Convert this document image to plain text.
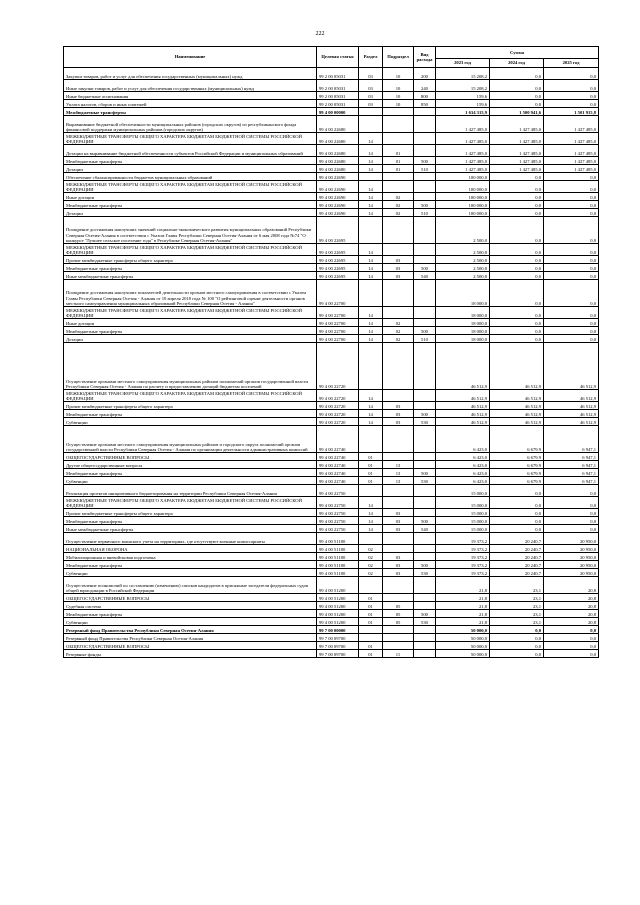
222
Наименование	Целевая статья	Раздел	Подраздел	Вид расхода	Сумма		
					2023 год	2024 год	2025 год
Закупки товаров, работ и услуг для обеспечения государственных (муниципальных) нужд	99 2 00 05031	03	10	200	15 208,2	0,0	0,0
Иные закупки товаров, работ и услуг для обеспечения государственных (муниципальных) нужд	99 2 00 05031	03	10	240	15 208,2	0,0	0,0
Иные бюджетные ассигнования	99 2 00 05031	03	10	800	159,6	0,0	0,0
Уплата налогов, сборов и иных платежей	99 2 00 05031	03	10	850	159,6	0,0	0,0
Межбюджетные трансферты	99 4 00 00000				1 634 315,9	1 500 941,6	1 501 915,8
Выравнивание бюджетной обеспеченности муниципальных районов (городских округов) из республиканского фонда финансовой поддержки муниципальных районов (городских округов)	99 4 00 22680				1 427 485,0	1 427 485,0	1 427 485,0
МЕЖБЮДЖЕТНЫЕ ТРАНСФЕРТЫ ОБЩЕГО ХАРАКТЕРА БЮДЖЕТАМ БЮДЖЕТНОЙ СИСТЕМЫ РОССИЙСКОЙ ФЕДЕРАЦИИ	99 4 00 22680	14			1 427 485,0	1 427 485,0	1 427 485,0
Дотации на выравнивание бюджетной обеспеченности субъектов Российской Федерации и муниципальных образований	99 4 00 22680	14	01		1 427 485,0	1 427 485,0	1 427 485,0
Межбюджетные трансферты	99 4 00 22680	14	01	500	1 427 485,0	1 427 485,0	1 427 485,0
Дотации	99 4 00 22680	14	01	510	1 427 485,0	1 427 485,0	1 427 485,0
Обеспечение сбалансированности бюджетов муниципальных образований	99 4 00 22690				100 000,0	0,0	0,0
МЕЖБЮДЖЕТНЫЕ ТРАНСФЕРТЫ ОБЩЕГО ХАРАКТЕРА БЮДЖЕТАМ БЮДЖЕТНОЙ СИСТЕМЫ РОССИЙСКОЙ ФЕДЕРАЦИИ	99 4 00 22690	14			100 000,0	0,0	0,0
Иные дотации	99 4 00 22690	14	02		100 000,0	0,0	0,0
Межбюджетные трансферты	99 4 00 22690	14	02	500	100 000,0	0,0	0,0
Дотации	99 4 00 22690	14	02	510	100 000,0	0,0	0,0
Поощрение достижения наилучших значений социально-экономического развития муниципальных образований Республики Северная Осетия-Алания в соответствии с Указом Главы Республики Северная Осетия-Алания от 6 мая 2008 года №74 "О конкурсе "Лучшее сельское поселение года" в Республике Северная Осетия-Алания"	99 4 00 22695				2 500,0	0,0	0,0
МЕЖБЮДЖЕТНЫЕ ТРАНСФЕРТЫ ОБЩЕГО ХАРАКТЕРА БЮДЖЕТАМ БЮДЖЕТНОЙ СИСТЕМЫ РОССИЙСКОЙ ФЕДЕРАЦИИ	99 4 00 22695	14			2 500,0	0,0	0,0
Прочие межбюджетные трансферты общего характера	99 4 00 22695	14	03		2 500,0	0,0	0,0
Межбюджетные трансферты	99 4 00 22695	14	03	500	2 500,0	0,0	0,0
Иные межбюджетные трансферты	99 4 00 22695	14	03	540	2 500,0	0,0	0,0
Поощрение достижения наилучших показателей деятельности органов местного самоуправления в соответствии с Указом Главы Республики Северная Осетия - Алания от 10 апреля 2018 года № 100 "О рейтинговой оценке деятельности органов местного самоуправления муниципальных образований Республики Северная Осетия - Алания"	99 4 00 22700				18 000,0	0,0	0,0
МЕЖБЮДЖЕТНЫЕ ТРАНСФЕРТЫ ОБЩЕГО ХАРАКТЕРА БЮДЖЕТАМ БЮДЖЕТНОЙ СИСТЕМЫ РОССИЙСКОЙ ФЕДЕРАЦИИ	99 4 00 22700	14			18 000,0	0,0	0,0
Иные дотации	99 4 00 22700	14	02		18 000,0	0,0	0,0
Межбюджетные трансферты	99 4 00 22700	14	02	500	18 000,0	0,0	0,0
Дотации	99 4 00 22700	14	02	510	18 000,0	0,0	0,0
Осуществление органами местного самоуправления муниципальных районов полномочий органов государственной власти Республики Северная Осетия - Алания по расчету и предоставлению дотаций бюджетам поселений	99 4 00 22720				46 512,9	46 512,9	46 512,9
МЕЖБЮДЖЕТНЫЕ ТРАНСФЕРТЫ ОБЩЕГО ХАРАКТЕРА БЮДЖЕТАМ БЮДЖЕТНОЙ СИСТЕМЫ РОССИЙСКОЙ ФЕДЕРАЦИИ	99 4 00 22720	14			46 512,9	46 512,9	46 512,9
Прочие межбюджетные трансферты общего характера	99 4 00 22720	14	03		46 512,9	46 512,9	46 512,9
Межбюджетные трансферты	99 4 00 22720	14	03	500	46 512,9	46 512,9	46 512,9
Субвенции	99 4 00 22720	14	03	530	46 512,9	46 512,9	46 512,9
Осуществление органами местного самоуправления муниципальных районов и городского округа полномочий органов государственной власти Республики Северная Осетия - Алания по организации деятельности административных комиссий	99 4 00 22740				6 423,0	6 679,9	6 947,1
ОБЩЕГОСУДАРСТВЕННЫЕ ВОПРОСЫ	99 4 00 22740	01			6 423,0	6 679,9	6 947,1
Другие общегосударственные вопросы	99 4 00 22740	01	13		6 423,0	6 679,9	6 947,1
Межбюджетные трансферты	99 4 00 22740	01	13	500	6 423,0	6 679,9	6 947,1
Субвенции	99 4 00 22740	01	13	530	6 423,0	6 679,9	6 947,1
Реализация проектов инициативного бюджетирования на территории Республики Северная Осетия-Алания	99 4 00 22750				15 000,0	0,0	0,0
МЕЖБЮДЖЕТНЫЕ ТРАНСФЕРТЫ ОБЩЕГО ХАРАКТЕРА БЮДЖЕТАМ БЮДЖЕТНОЙ СИСТЕМЫ РОССИЙСКОЙ ФЕДЕРАЦИИ	99 4 00 22750	14			15 000,0	0,0	0,0
Прочие межбюджетные трансферты общего характера	99 4 00 22750	14	03		15 000,0	0,0	0,0
Межбюджетные трансферты	99 4 00 22750	14	03	500	15 000,0	0,0	0,0
Иные межбюджетные трансферты	99 4 00 22750	14	03	540	15 000,0	0,0	0,0
Осуществление первичного воинского учета на территориях, где отсутствуют военные комиссариаты	99 4 00 51180				19 373,2	20 240,7	20 950,0
НАЦИОНАЛЬНАЯ ОБОРОНА	99 4 00 51180	02			19 373,2	20 240,7	20 950,0
Мобилизационная и вневойсковая подготовка	99 4 00 51180	02	03		19 373,2	20 240,7	20 950,0
Межбюджетные трансферты	99 4 00 51180	02	03	500	19 373,2	20 240,7	20 950,0
Субвенции	99 4 00 51180	02	03	530	19 373,2	20 240,7	20 950,0
Осуществление полномочий по составлению (изменению) списков кандидатов в присяжные заседатели федеральных судов общей юрисдикции в Российской Федерации	99 4 00 51200				21,8	23,1	20,8
ОБЩЕГОСУДАРСТВЕННЫЕ ВОПРОСЫ	99 4 00 51200	01			21,8	23,1	20,8
Судебная система	99 4 00 51200	01	05		21,8	23,1	20,8
Межбюджетные трансферты	99 4 00 51200	01	05	500	21,8	23,1	20,8
Субвенции	99 4 00 51200	01	05	530	21,8	23,1	20,8
Резервный фонд Правительства Республики Северная Осетия-Алания	99 7 00 00000				50 000,0	0,0	0,0
Резервный фонд Правительства Республики Северная Осетия-Алания	99 7 00 09700				50 000,0	0,0	0,0
ОБЩЕГОСУДАРСТВЕННЫЕ ВОПРОСЫ	99 7 00 09700	01			50 000,0	0,0	0,0
Резервные фонды	99 7 00 09700	01	11		50 000,0	0,0	0,0
